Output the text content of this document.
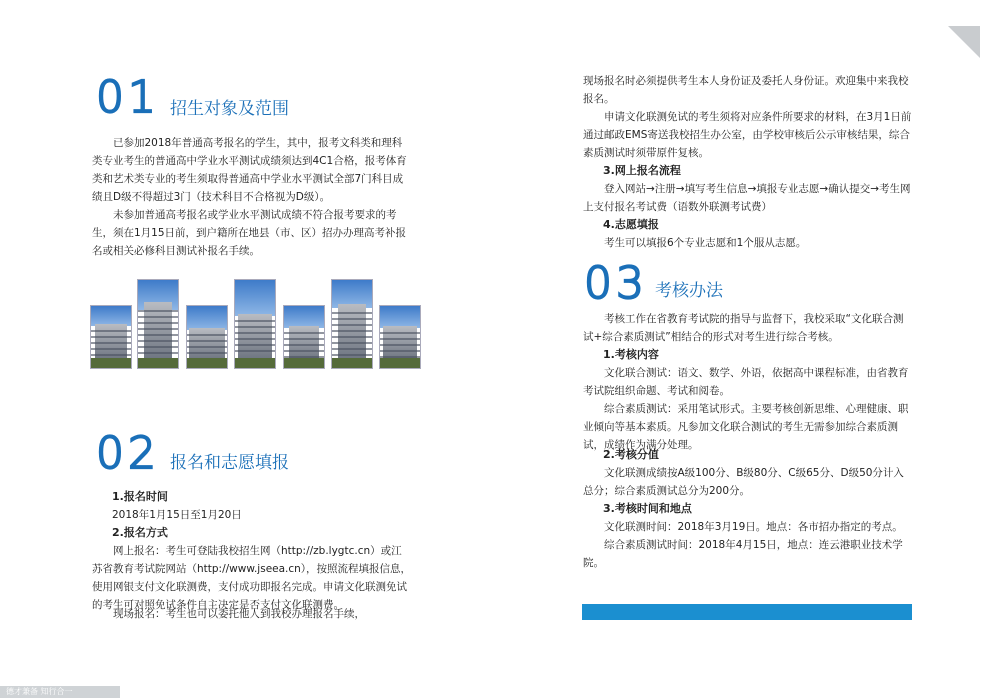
01 招生对象及范围

已参加2018年普通高考报名的学生，其中，报考文科类和理科类专业考生的普通高中学业水平测试成绩须达到4C1合格，报考体育类和艺术类专业的考生须取得普通高中学业水平测试全部7门科目成绩且D级不得超过3门（技术科目不合格视为D级）。

未参加普通高考报名或学业水平测试成绩不符合报考要求的考生，须在1月15日前，到户籍所在地县（市、区）招办办理高考补报名或相关必修科目测试补报名手续。

02 报名和志愿填报

1.报名时间

2018年1月15日至1月20日

2.报名方式

网上报名：考生可登陆我校招生网（http://zb.lygtc.cn）或江苏省教育考试院网站（http://www.jseea.cn），按照流程填报信息，使用网银支付文化联测费，支付成功即报名完成。申请文化联测免试的考生可对照免试条件自主决定是否支付文化联测费。

现场报名：考生也可以委托他人到我校办理报名手续，

德才兼备 知行合一

现场报名时必须提供考生本人身份证及委托人身份证。欢迎集中来我校报名。

申请文化联测免试的考生须将对应条件所要求的材料，在3月1日前通过邮政EMS寄送我校招生办公室，由学校审核后公示审核结果，综合素质测试时须带原件复核。

3.网上报名流程

登入网站→注册→填写考生信息→填报专业志愿→确认提交→考生网上支付报名考试费（语数外联测考试费）

4.志愿填报

考生可以填报6个专业志愿和1个服从志愿。

03 考核办法

考核工作在省教育考试院的指导与监督下，我校采取“文化联合测试+综合素质测试”相结合的形式对考生进行综合考核。

1.考核内容

文化联合测试：语文、数学、外语，依据高中课程标准，由省教育考试院组织命题、考试和阅卷。

综合素质测试：采用笔试形式。主要考核创新思维、心理健康、职业倾向等基本素质。凡参加文化联合测试的考生无需参加综合素质测试，成绩作为满分处理。

2.考核分值

文化联测成绩按A级100分、B级80分、C级65分、D级50分计入总分；综合素质测试总分为200分。

3.考核时间和地点

文化联测时间：2018年3月19日。地点：各市招办指定的考点。

综合素质测试时间：2018年4月15日，地点：连云港职业技术学院。
